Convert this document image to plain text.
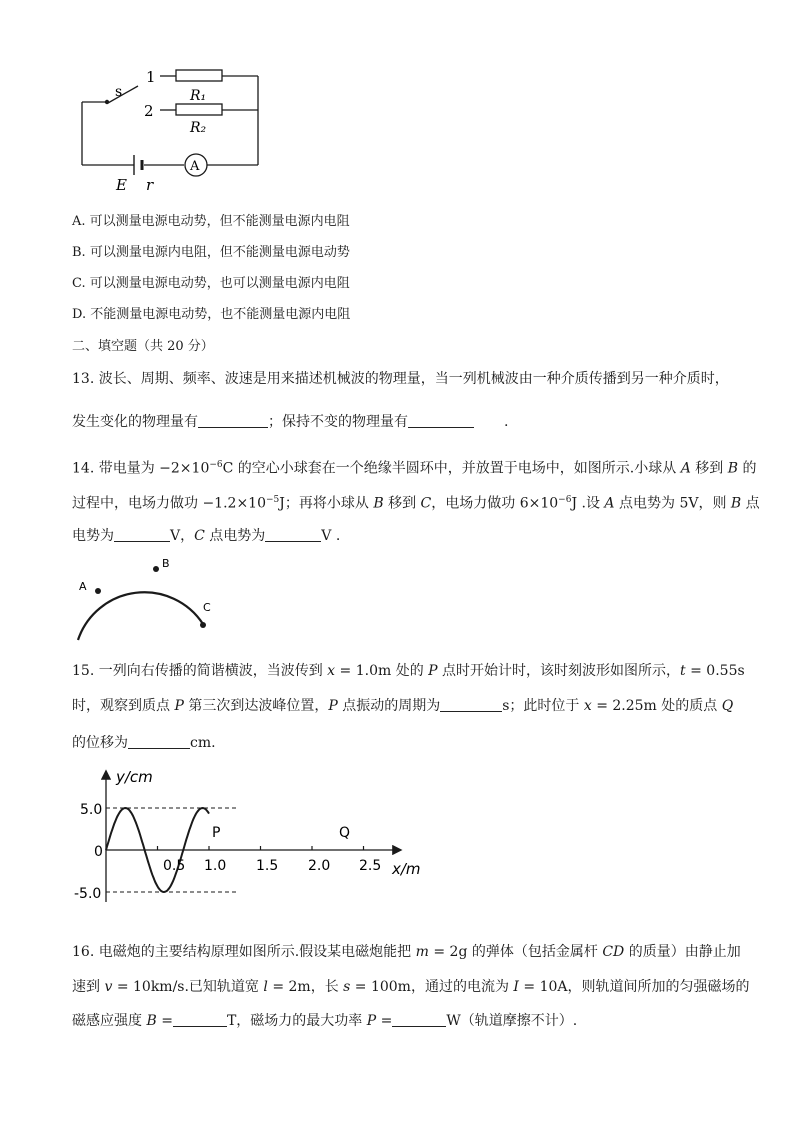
s
1
2
R₁
R₂
A
E r
A. 可以测量电源电动势，但不能测量电源内电阻
B. 可以测量电源内电阻，但不能测量电源电动势
C. 可以测量电源电动势，也可以测量电源内电阻
D. 不能测量电源电动势，也不能测量电源内电阻
二、填空题（共 20 分）
13. 波长、周期、频率、波速是用来描述机械波的物理量，当一列机械波由一种介质传播到另一种介质时，
发生变化的物理量有	；保持不变的物理量有	.
14. 带电量为 $-2\times 10^{-6}C$ 的空心小球套在一个绝缘半圆环中，并放置于电场中，如图所示.小球从 A 移到 B 的
过程中，电场力做功 $-1.2\times 10^{-5}J$；再将小球从 B 移到 C，电场力做功 $6\times 10^{-6}J$ .设 A 点电势为 5V，则 B 点
电势为	V，C 点电势为	V .
A
B
C
15. 一列向右传播的简谐横波，当波传到 x = 1.0m 处的 P 点时开始计时，该时刻波形如图所示，t = 0.55s
时，观察到质点 P 第三次到达波峰位置，P 点振动的周期为	s；此时位于 x = 2.25m 处的质点 Q
的位移为	cm.
y/cm
x/m
5.0
0
-5.0
0.5 1.0 1.5 2.0 2.5
P	Q
16. 电磁炮的主要结构原理如图所示.假设某电磁炮能把 m = 2g 的弹体（包括金属杆 CD 的质量）由静止加
速到 v = 10km/s.已知轨道宽 l = 2m，长 s = 100m，通过的电流为 I = 10A，则轨道间所加的匀强磁场的
磁感应强度 B =	T，磁场力的最大功率 P =	W（轨道摩擦不计）.
